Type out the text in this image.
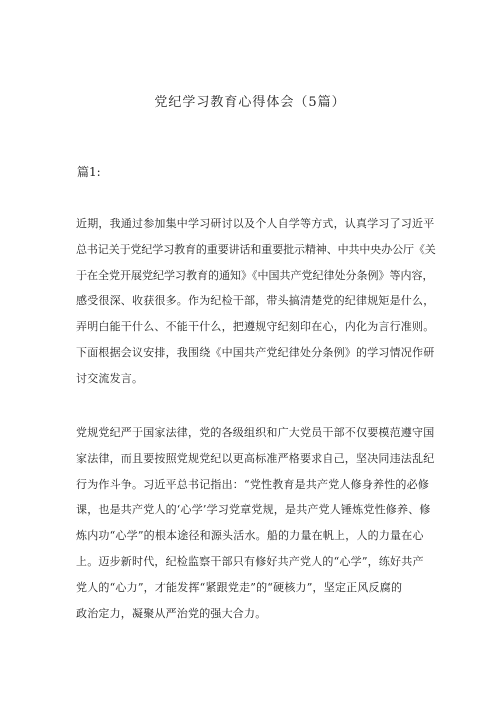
党纪学习教育心得体会（5篇）
篇1:
近期，我通过参加集中学习研讨以及个人自学等方式，认真学习了习近平
总书记关于党纪学习教育的重要讲话和重要批示精神、中共中央办公厅《关
于在全党开展党纪学习教育的通知》《中国共产党纪律处分条例》等内容，
感受很深、收获很多。作为纪检干部，带头搞清楚党的纪律规矩是什么，
弄明白能干什么、不能干什么，把遵规守纪刻印在心，内化为言行准则。
下面根据会议安排，我围绕《中国共产党纪律处分条例》的学习情况作研
讨交流发言。
党规党纪严于国家法律，党的各级组织和广大党员干部不仅要模范遵守国
家法律，而且要按照党规党纪以更高标准严格要求自己，坚决同违法乱纪
行为作斗争。习近平总书记指出：“党性教育是共产党人修身养性的必修
课，也是共产党人的‘心学’学习党章党规，是共产党人锤炼党性修养、修
炼内功“心学”的根本途径和源头活水。船的力量在帆上，人的力量在心
上。迈步新时代，纪检监察干部只有修好共产党人的“心学”，练好共产
党人的“心力”，才能发挥“紧跟党走”的“硬核力”，坚定正风反腐的
政治定力，凝聚从严治党的强大合力。
